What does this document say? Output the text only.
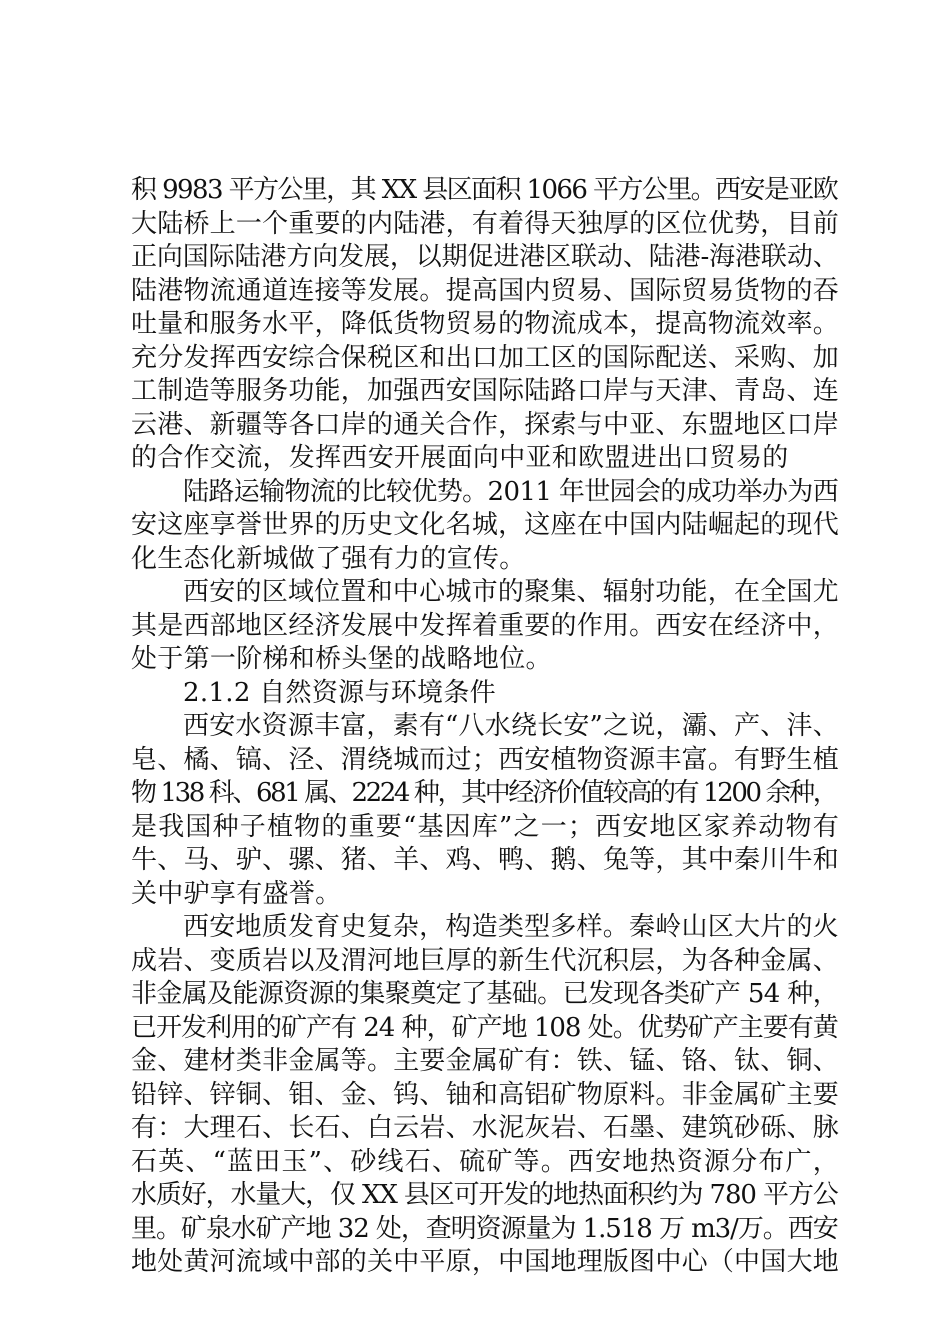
积 9983 平方公里，其 XX 县区面积 1066 平方公里。西安是亚欧
大陆桥上一个重要的内陆港，有着得天独厚的区位优势，目前
正向国际陆港方向发展，以期促进港区联动、陆港-海港联动、
陆港物流通道连接等发展。提高国内贸易、国际贸易货物的吞
吐量和服务水平，降低货物贸易的物流成本，提高物流效率。
充分发挥西安综合保税区和出口加工区的国际配送、采购、加
工制造等服务功能，加强西安国际陆路口岸与天津、青岛、连
云港、新疆等各口岸的通关合作，探索与中亚、东盟地区口岸
的合作交流，发挥西安开展面向中亚和欧盟进出口贸易的
陆路运输物流的比较优势。2011 年世园会的成功举办为西
安这座享誉世界的历史文化名城，这座在中国内陆崛起的现代
化生态化新城做了强有力的宣传。
西安的区域位置和中心城市的聚集、辐射功能，在全国尤
其是西部地区经济发展中发挥着重要的作用。西安在经济中，
处于第一阶梯和桥头堡的战略地位。
2.1.2 自然资源与环境条件
西安水资源丰富，素有“八水绕长安”之说，灞、产、沣、
皂、橘、镐、泾、渭绕城而过；西安植物资源丰富。有野生植
物 138 科、681 属、2224 种，其中经济价值较高的有 1200 余种，
是我国种子植物的重要“基因库”之一；西安地区家养动物有
牛、马、驴、骡、猪、羊、鸡、鸭、鹅、兔等，其中秦川牛和
关中驴享有盛誉。
西安地质发育史复杂，构造类型多样。秦岭山区大片的火
成岩、变质岩以及渭河地巨厚的新生代沉积层，为各种金属、
非金属及能源资源的集聚奠定了基础。已发现各类矿产 54 种，
已开发利用的矿产有 24 种，矿产地 108 处。优势矿产主要有黄
金、建材类非金属等。主要金属矿有：铁、锰、铬、钛、铜、
铅锌、锌铜、钼、金、钨、铀和高铝矿物原料。非金属矿主要
有：大理石、长石、白云岩、水泥灰岩、石墨、建筑砂砾、脉
石英、“蓝田玉”、砂线石、硫矿等。西安地热资源分布广，
水质好，水量大，仅 XX 县区可开发的地热面积约为 780 平方公
里。矿泉水矿产地 32 处，查明资源量为 1.518 万 m3/万。西安
地处黄河流域中部的关中平原，中国地理版图中心（中国大地
